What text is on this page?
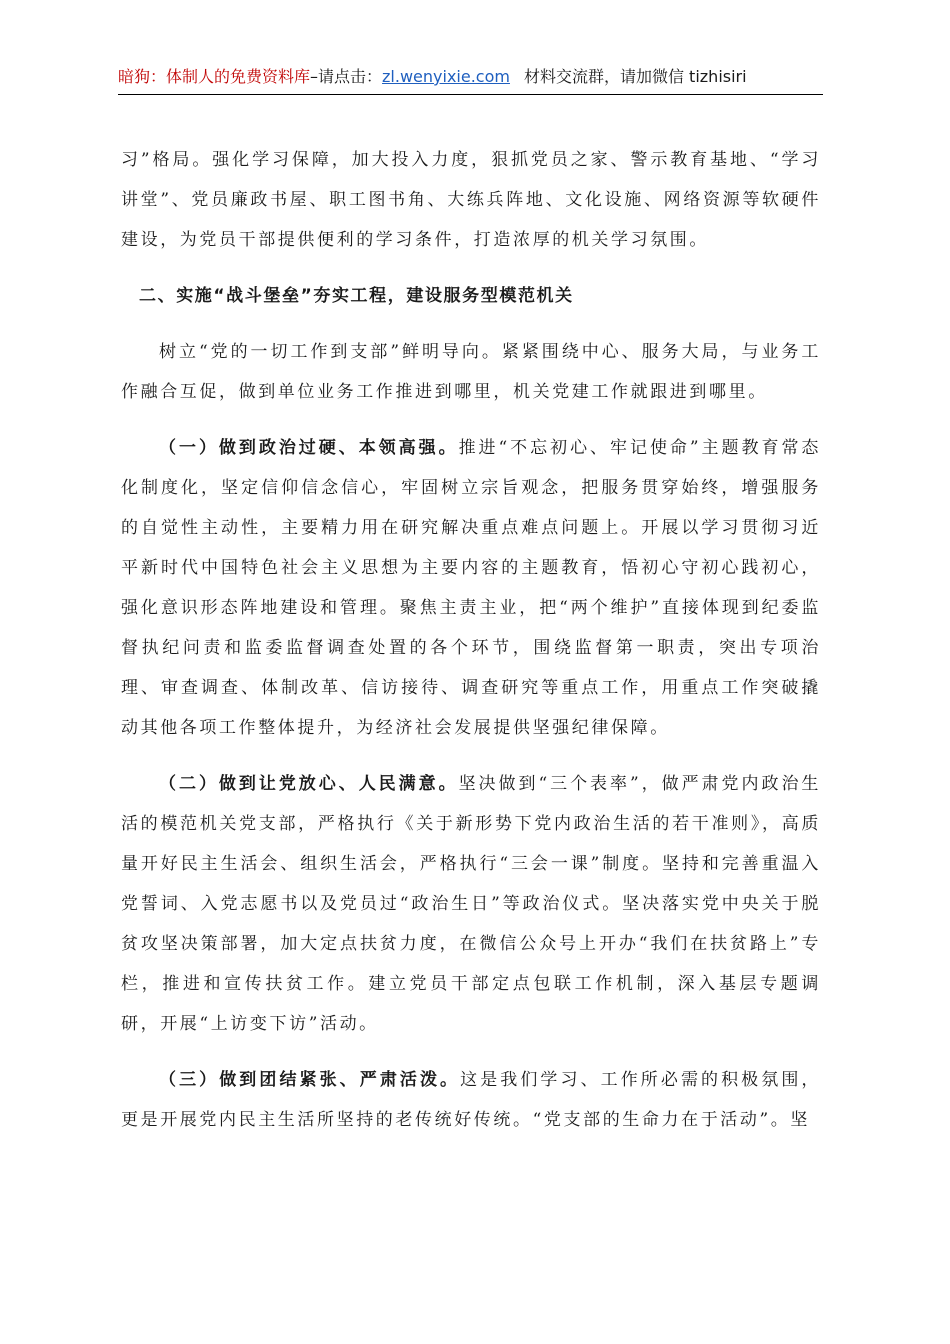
暗狗：体制人的免费资料库–请点击：zl.wenyixie.com 材料交流群，请加微信 tizhisiri

习”格局。强化学习保障，加大投入力度，狠抓党员之家、警示教育基地、“学习讲堂”、党员廉政书屋、职工图书角、大练兵阵地、文化设施、网络资源等软硬件建设，为党员干部提供便利的学习条件，打造浓厚的机关学习氛围。

二、实施“战斗堡垒”夯实工程，建设服务型模范机关

树立“党的一切工作到支部”鲜明导向。紧紧围绕中心、服务大局，与业务工作融合互促，做到单位业务工作推进到哪里，机关党建工作就跟进到哪里。

（一）做到政治过硬、本领高强。推进“不忘初心、牢记使命”主题教育常态化制度化，坚定信仰信念信心，牢固树立宗旨观念，把服务贯穿始终，增强服务的自觉性主动性，主要精力用在研究解决重点难点问题上。开展以学习贯彻习近平新时代中国特色社会主义思想为主要内容的主题教育，悟初心守初心践初心，强化意识形态阵地建设和管理。聚焦主责主业，把“两个维护”直接体现到纪委监督执纪问责和监委监督调查处置的各个环节，围绕监督第一职责，突出专项治理、审查调查、体制改革、信访接待、调查研究等重点工作，用重点工作突破撬动其他各项工作整体提升，为经济社会发展提供坚强纪律保障。

（二）做到让党放心、人民满意。坚决做到“三个表率”，做严肃党内政治生活的模范机关党支部，严格执行《关于新形势下党内政治生活的若干准则》，高质量开好民主生活会、组织生活会，严格执行“三会一课”制度。坚持和完善重温入党誓词、入党志愿书以及党员过“政治生日”等政治仪式。坚决落实党中央关于脱贫攻坚决策部署，加大定点扶贫力度，在微信公众号上开办“我们在扶贫路上”专栏，推进和宣传扶贫工作。建立党员干部定点包联工作机制，深入基层专题调研，开展“上访变下访”活动。

（三）做到团结紧张、严肃活泼。这是我们学习、工作所必需的积极氛围，更是开展党内民主生活所坚持的老传统好传统。“党支部的生命力在于活动”。坚
